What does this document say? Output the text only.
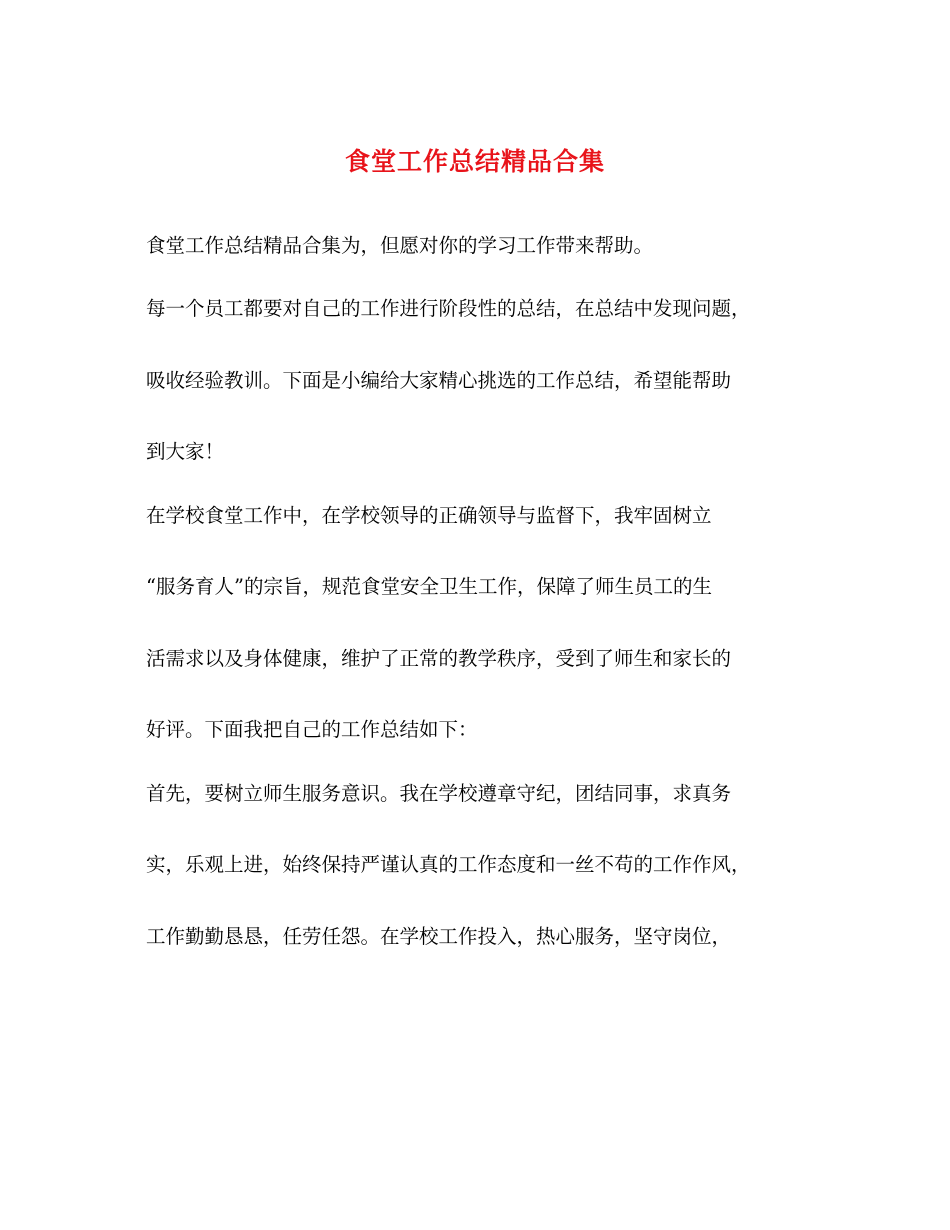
食堂工作总结精品合集
食堂工作总结精品合集为，但愿对你的学习工作带来帮助。
每一个员工都要对自己的工作进行阶段性的总结，在总结中发现问题，
吸收经验教训。下面是小编给大家精心挑选的工作总结，希望能帮助
到大家！
在学校食堂工作中，在学校领导的正确领导与监督下，我牢固树立
“服务育人”的宗旨，规范食堂安全卫生工作，保障了师生员工的生
活需求以及身体健康，维护了正常的教学秩序，受到了师生和家长的
好评。下面我把自己的工作总结如下：
首先，要树立师生服务意识。我在学校遵章守纪，团结同事，求真务
实，乐观上进，始终保持严谨认真的工作态度和一丝不苟的工作作风，
工作勤勤恳恳，任劳任怨。在学校工作投入，热心服务，坚守岗位，
